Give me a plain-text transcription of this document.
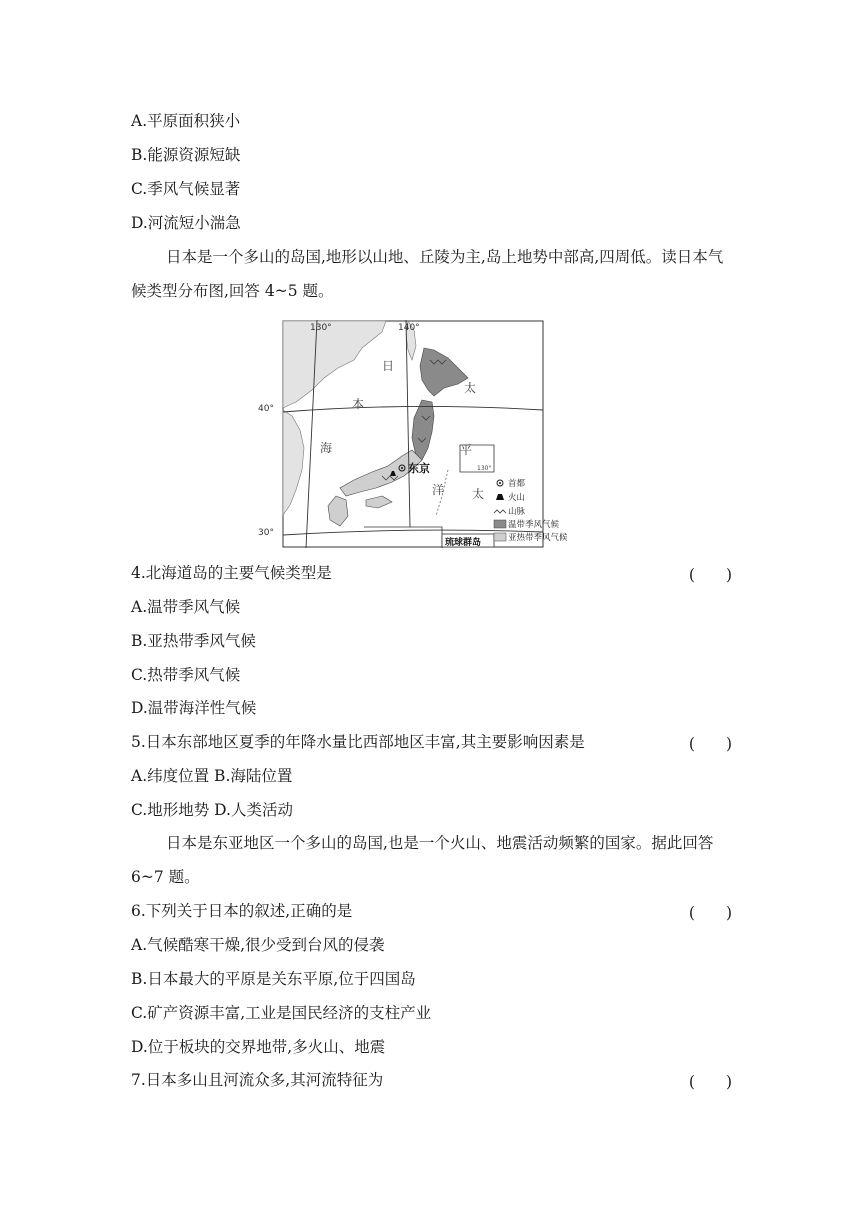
A.平原面积狭小
B.能源资源短缺
C.季风气候显著
D.河流短小湍急
日本是一个多山的岛国,地形以山地、丘陵为主,岛上地势中部高,四周低。读日本气候类型分布图,回答 4~5 题。
130°	140°
40°
30°
日
本
海
太
平
洋 太
东京	130°
琉球群岛
首都
火山
山脉
温带季风气候
亚热带季风气候
4.北海道岛的主要气候类型是	(　　)
A.温带季风气候
B.亚热带季风气候
C.热带季风气候
D.温带海洋性气候
5.日本东部地区夏季的年降水量比西部地区丰富,其主要影响因素是	(　　)
A.纬度位置 B.海陆位置
C.地形地势 D.人类活动
日本是东亚地区一个多山的岛国,也是一个火山、地震活动频繁的国家。据此回答 6~7 题。
6.下列关于日本的叙述,正确的是	(　　)
A.气候酷寒干燥,很少受到台风的侵袭
B.日本最大的平原是关东平原,位于四国岛
C.矿产资源丰富,工业是国民经济的支柱产业
D.位于板块的交界地带,多火山、地震
7.日本多山且河流众多,其河流特征为	(　　)
